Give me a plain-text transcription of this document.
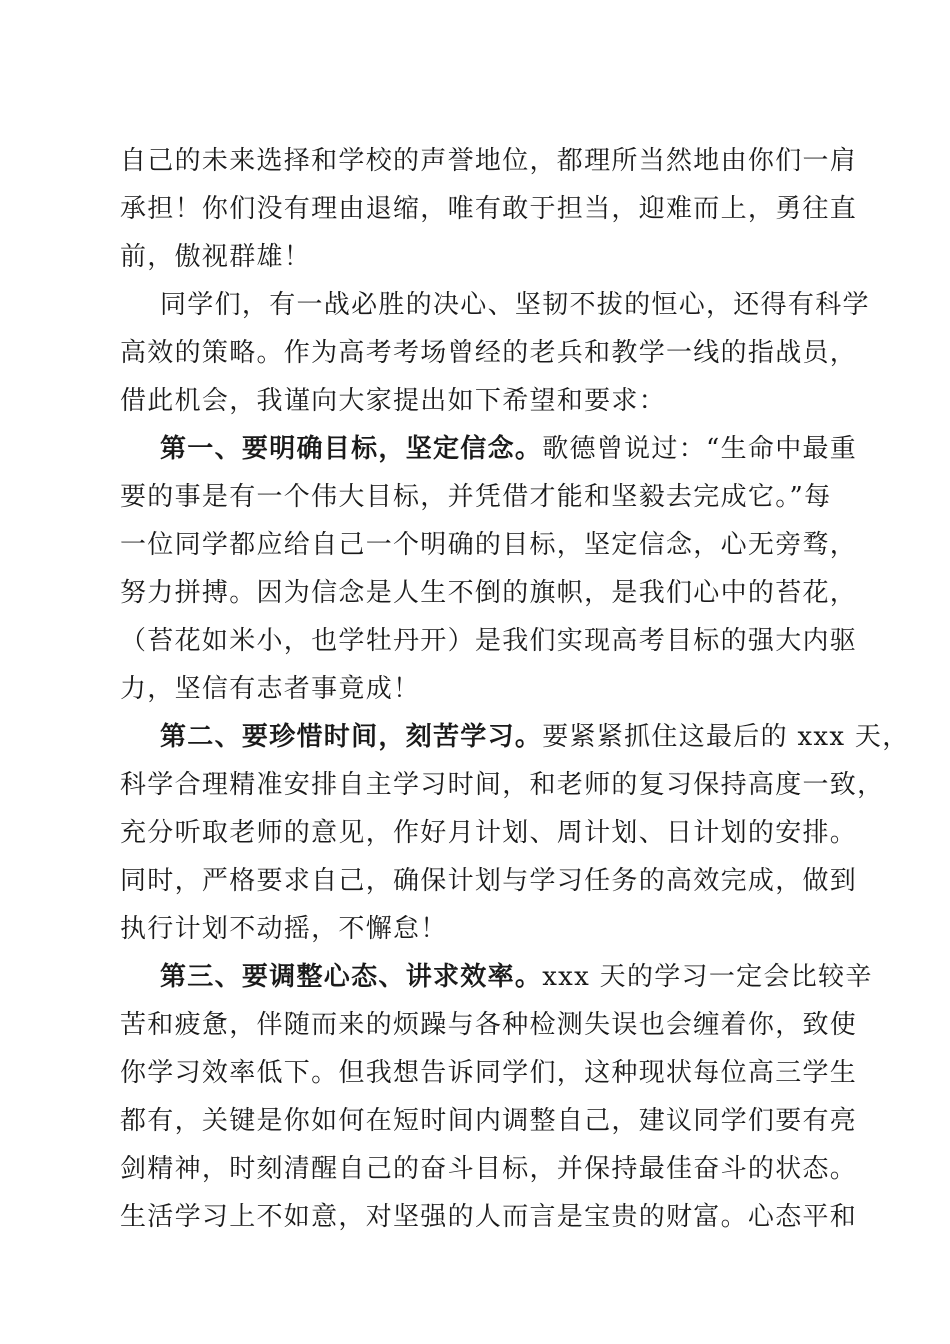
自己的未来选择和学校的声誉地位，都理所当然地由你们一肩
承担！你们没有理由退缩，唯有敢于担当，迎难而上，勇往直
前，傲视群雄！
同学们，有一战必胜的决心、坚韧不拔的恒心，还得有科学
高效的策略。作为高考考场曾经的老兵和教学一线的指战员，
借此机会，我谨向大家提出如下希望和要求：
第一、要明确目标，坚定信念。歌德曾说过：“生命中最重
要的事是有一个伟大目标，并凭借才能和坚毅去完成它。”每
一位同学都应给自己一个明确的目标，坚定信念，心无旁骛，
努力拼搏。因为信念是人生不倒的旗帜，是我们心中的苔花，
（苔花如米小，也学牡丹开）是我们实现高考目标的强大内驱
力，坚信有志者事竟成！
第二、要珍惜时间，刻苦学习。要紧紧抓住这最后的 xxx 天，
科学合理精准安排自主学习时间，和老师的复习保持高度一致，
充分听取老师的意见，作好月计划、周计划、日计划的安排。
同时，严格要求自己，确保计划与学习任务的高效完成，做到
执行计划不动摇，不懈怠！
第三、要调整心态、讲求效率。xxx 天的学习一定会比较辛
苦和疲惫，伴随而来的烦躁与各种检测失误也会缠着你，致使
你学习效率低下。但我想告诉同学们，这种现状每位高三学生
都有，关键是你如何在短时间内调整自己，建议同学们要有亮
剑精神，时刻清醒自己的奋斗目标，并保持最佳奋斗的状态。
生活学习上不如意，对坚强的人而言是宝贵的财富。心态平和
